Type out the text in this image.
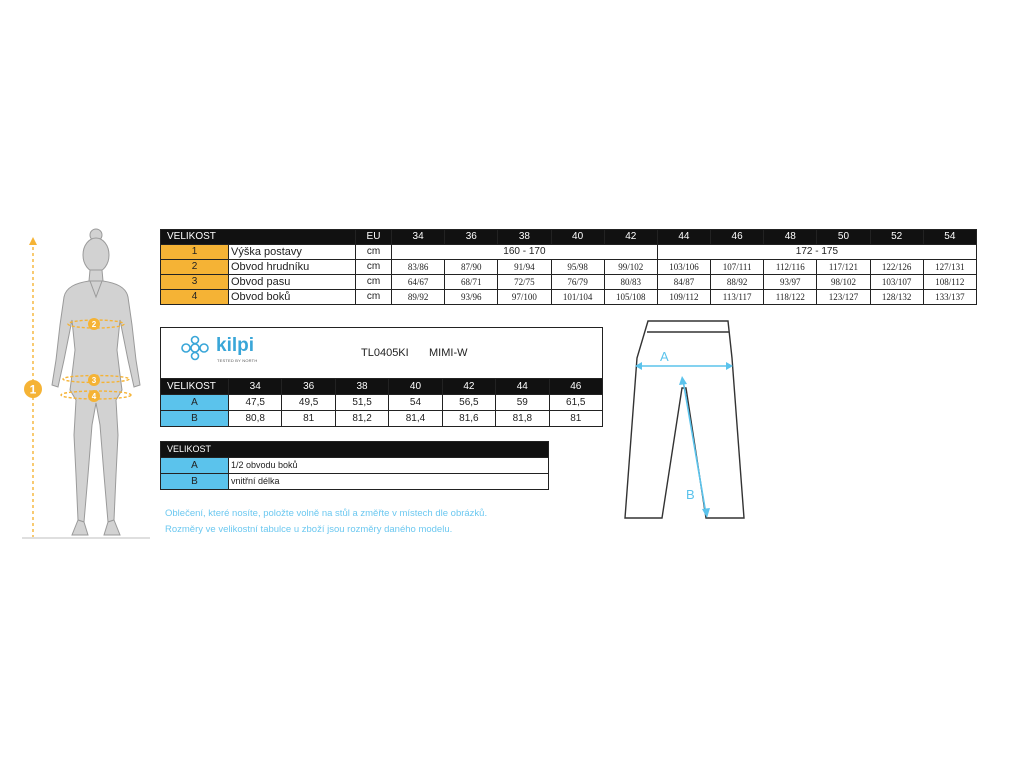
1
2
3
4
VELIKOST		EU	34	36	38	40	42	44	46	48	50	52	54
1	Výška postavy	cm	160 - 170					172 - 175					
2	Obvod hrudníku	cm	83/86	87/90	91/94	95/98	99/102	103/106	107/111	112/116	117/121	122/126	127/131
3	Obvod pasu	cm	64/67	68/71	72/75	76/79	80/83	84/87	88/92	93/97	98/102	103/107	108/112
4	Obvod boků	cm	89/92	93/96	97/100	101/104	105/108	109/112	113/117	118/122	123/127	128/132	133/137
kilpi
TESTED BY NORTH
TL0405KI MIMI-W
VELIKOST	34	36	38	40	42	44	46
A	47,5	49,5	51,5	54	56,5	59	61,5
B	80,8	81	81,2	81,4	81,6	81,8	81
VELIKOST	
A	1/2 obvodu boků
B	vnitřní délka
Oblečení, které nosíte, položte volně na stůl a změřte v místech dle obrázků.
Rozměry ve velikostní tabulce u zboží jsou rozměry daného modelu.
A
B
